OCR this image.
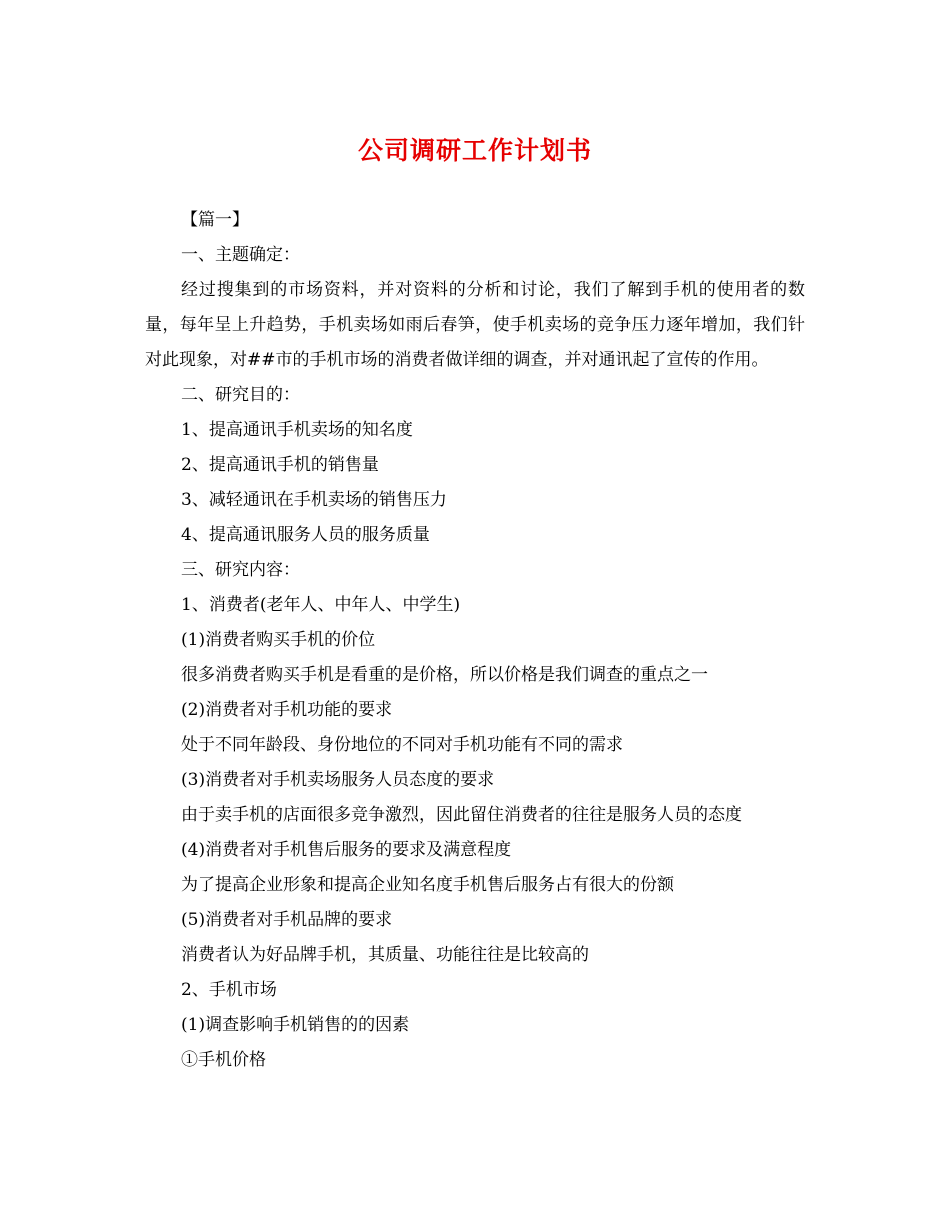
公司调研工作计划书

【篇一】

一、主题确定：

经过搜集到的市场资料，并对资料的分析和讨论，我们了解到手机的使用者的数量，每年呈上升趋势，手机卖场如雨后春笋，使手机卖场的竞争压力逐年增加，我们针对此现象，对##市的手机市场的消费者做详细的调查，并对通讯起了宣传的作用。

二、研究目的：

1、提高通讯手机卖场的知名度

2、提高通讯手机的销售量

3、减轻通讯在手机卖场的销售压力

4、提高通讯服务人员的服务质量

三、研究内容：

1、消费者(老年人、中年人、中学生)

(1)消费者购买手机的价位

很多消费者购买手机是看重的是价格，所以价格是我们调查的重点之一

(2)消费者对手机功能的要求

处于不同年龄段、身份地位的不同对手机功能有不同的需求

(3)消费者对手机卖场服务人员态度的要求

由于卖手机的店面很多竞争激烈，因此留住消费者的往往是服务人员的态度

(4)消费者对手机售后服务的要求及满意程度

为了提高企业形象和提高企业知名度手机售后服务占有很大的份额

(5)消费者对手机品牌的要求

消费者认为好品牌手机，其质量、功能往往是比较高的

2、手机市场

(1)调查影响手机销售的的因素

①手机价格
